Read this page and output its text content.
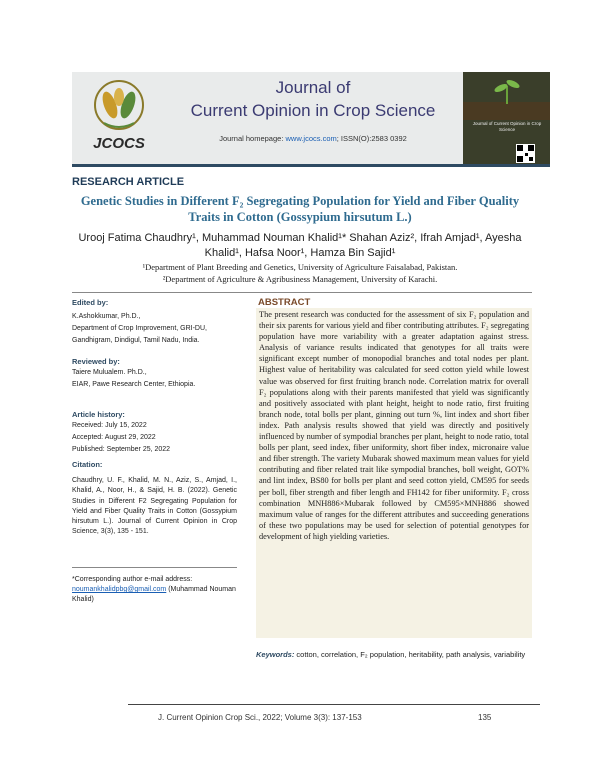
JCOCS
Journal of
Current Opinion in Crop Science
Journal homepage: www.jcocs.com; ISSN(O):2583 0392
Journal of Current Opinion in Crop Science
RESEARCH ARTICLE
Genetic Studies in Different F₂ Segregating Population for Yield and Fiber Quality Traits in Cotton (Gossypium hirsutum L.)
Urooj Fatima Chaudhry¹, Muhammad Nouman Khalid¹* Shahan Aziz², Ifrah Amjad¹, Ayesha
Khalid¹, Hafsa Noor¹, Hamza Bin Sajid¹
¹Department of Plant Breeding and Genetics, University of Agriculture Faisalabad, Pakistan.
²Department of Agriculture & Agribusiness Management, University of Karachi.
Edited by:
K.Ashokkumar, Ph.D.,
Department of Crop Improvement, GRI-DU,
Gandhigram, Dindigul, Tamil Nadu, India.
Reviewed by:
Taiere Mulualem. Ph.D.,
EIAR, Pawe Research Center, Ethiopia.
Article history:
Received: July 15, 2022
Accepted: August 29, 2022
Published: September 25, 2022
Citation:
Chaudhry, U. F., Khalid, M. N., Aziz, S., Amjad, I., Khalid, A., Noor, H., & Sajid, H. B. (2022). Genetic Studies in Different F2 Segregating Population for Yield and Fiber Quality Traits in Cotton (Gossypium hirsutum L.). Journal of Current Opinion in Crop Science, 3(3), 135 - 151.
*Corresponding author e-mail address:
noumankhalidpbg@gmail.com (Muhammad Nouman Khalid)
ABSTRACT
The present research was conducted for the assessment of six F₂ population and their six parents for various yield and fiber contributing attributes. F₂ segregating population have more variability with a greater adaptation against stress. Analysis of variance results indicated that genotypes for all traits were significant except number of monopodial branches and total nodes per plant. Highest value of heritability was calculated for seed cotton yield while lowest value was observed for first fruiting branch node. Correlation matrix for overall F₂ populations along with their parents manifested that yield was significantly and positively associated with plant height, height to node ratio, first fruiting branch node, total bolls per plant, ginning out turn %, lint index and short fiber index. Path analysis results showed that yield was directly and positively influenced by number of sympodial branches per plant, height to node ratio, total bolls per plant, seed index, fiber uniformity, short fiber index, micronaire value and fiber strength. The variety Mubarak showed maximum mean values for yield contributing and fiber related trait like sympodial branches, boll weight, GOT% and lint index, BS80 for bolls per plant and seed cotton yield, CM595 for seeds per boll, fiber strength and fiber length and FH142 for fiber uniformity. F₂ cross combination MNH886×Mubarak followed by CM595×MNH886 showed maximum value of ranges for the different attributes and succeeding generations of these two populations may be used for selection of potential genotypes for development of high yielding varieties.
Keywords: cotton, correlation, F₂ population, heritability, path analysis, variability
J. Current Opinion Crop Sci., 2022; Volume 3(3): 137-153	135
